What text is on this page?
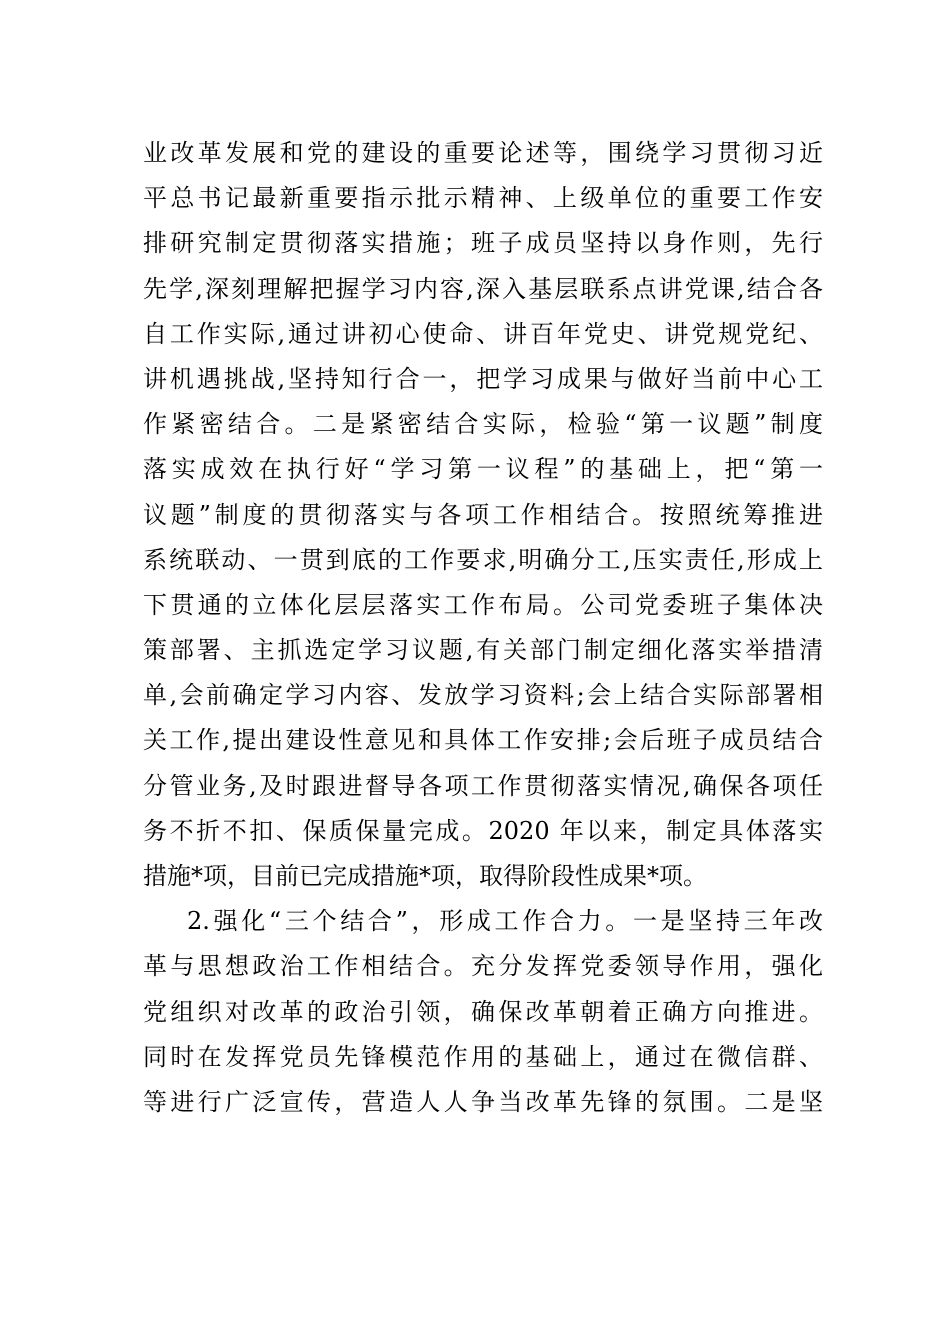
业改革发展和党的建设的重要论述等，围绕学习贯彻习近
平总书记最新重要指示批示精神、上级单位的重要工作安
排研究制定贯彻落实措施；班子成员坚持以身作则，先行
先学,深刻理解把握学习内容,深入基层联系点讲党课,结合各
自工作实际,通过讲初心使命、讲百年党史、讲党规党纪、
讲机遇挑战,坚持知行合一，把学习成果与做好当前中心工
作紧密结合。二是紧密结合实际，检验“第一议题”制度
落实成效在执行好“学习第一议程”的基础上，把“第一
议题”制度的贯彻落实与各项工作相结合。按照统筹推进
系统联动、一贯到底的工作要求,明确分工,压实责任,形成上
下贯通的立体化层层落实工作布局。公司党委班子集体决
策部署、主抓选定学习议题,有关部门制定细化落实举措清
单,会前确定学习内容、发放学习资料;会上结合实际部署相
关工作,提出建设性意见和具体工作安排;会后班子成员结合
分管业务,及时跟进督导各项工作贯彻落实情况,确保各项任
务不折不扣、保质保量完成。2020 年以来，制定具体落实
措施*项，目前已完成措施*项，取得阶段性成果*项。
2.强化“三个结合”，形成工作合力。一是坚持三年改
革与思想政治工作相结合。充分发挥党委领导作用，强化
党组织对改革的政治引领，确保改革朝着正确方向推进。
同时在发挥党员先锋模范作用的基础上，通过在微信群、
等进行广泛宣传，营造人人争当改革先锋的氛围。二是坚
